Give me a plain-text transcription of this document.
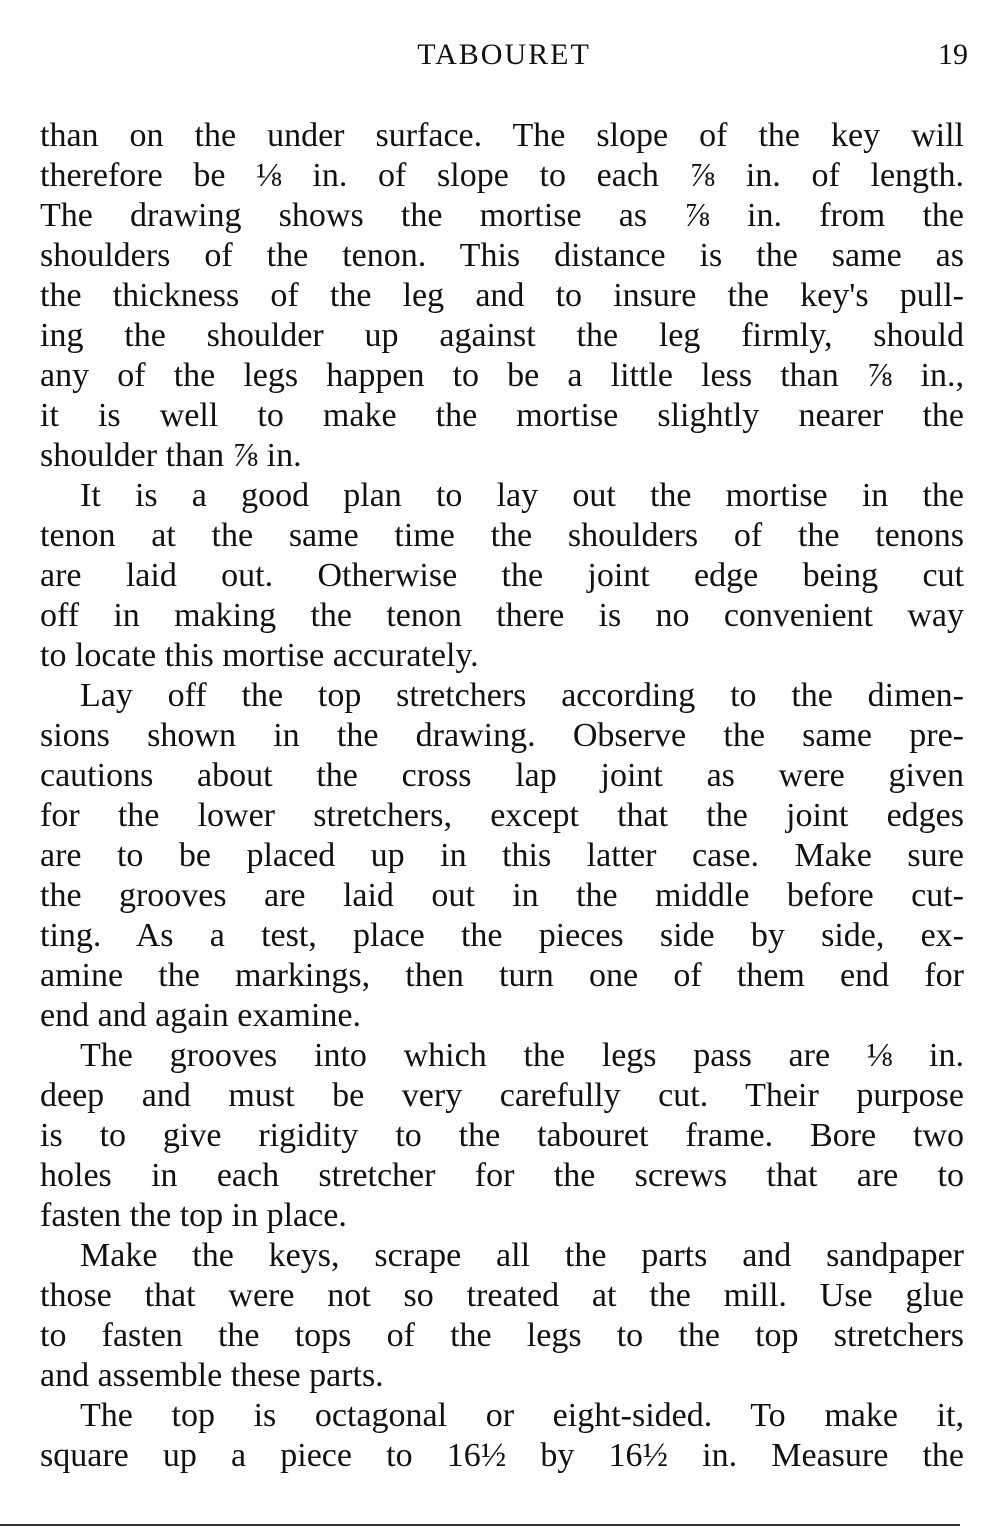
TABOURET	19
than on the under surface. The slope of the key will
therefore be ⅛ in. of slope to each ⅞ in. of length.
The drawing shows the mortise as ⅞ in. from the
shoulders of the tenon. This distance is the same as
the thickness of the leg and to insure the key's pull-
ing the shoulder up against the leg firmly, should
any of the legs happen to be a little less than ⅞ in.,
it is well to make the mortise slightly nearer the
shoulder than ⅞ in.
It is a good plan to lay out the mortise in the
tenon at the same time the shoulders of the tenons
are laid out. Otherwise the joint edge being cut
off in making the tenon there is no convenient way
to locate this mortise accurately.
Lay off the top stretchers according to the dimen-
sions shown in the drawing. Observe the same pre-
cautions about the cross lap joint as were given
for the lower stretchers, except that the joint edges
are to be placed up in this latter case. Make sure
the grooves are laid out in the middle before cut-
ting. As a test, place the pieces side by side, ex-
amine the markings, then turn one of them end for
end and again examine.
The grooves into which the legs pass are ⅛ in.
deep and must be very carefully cut. Their purpose
is to give rigidity to the tabouret frame. Bore two
holes in each stretcher for the screws that are to
fasten the top in place.
Make the keys, scrape all the parts and sandpaper
those that were not so treated at the mill. Use glue
to fasten the tops of the legs to the top stretchers
and assemble these parts.
The top is octagonal or eight-sided. To make it,
square up a piece to 16½ by 16½ in. Measure the
